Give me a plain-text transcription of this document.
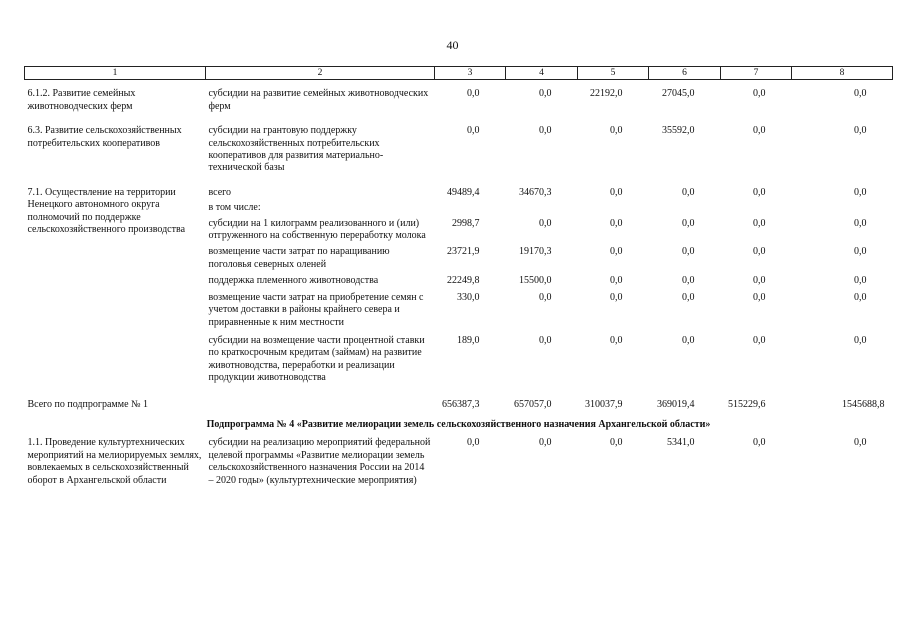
40
1	2	3	4	5	6	7	8

6.1.2. Развитие семейных животноводческих ферм	субсидии на развитие семейных животноводческих ферм	0,0	0,0	22192,0	27045,0	0,0	0,0

6.3. Развитие сельскохозяйственных потребительских кооперативов	субсидии на грантовую поддержку сельскохозяйственных потребительских кооперативов для развития материально-технической базы	0,0	0,0	0,0	35592,0	0,0	0,0

7.1. Осуществление на территории Ненецкого автономного округа полномочий по поддержке сельскохозяйственного производства	всего	49489,4	34670,3	0,0	0,0	0,0	0,0
	в том числе:						
	субсидии на 1 килограмм реализованного и (или) отгруженного на собственную переработку молока	2998,7	0,0	0,0	0,0	0,0	0,0
	возмещение части затрат по наращиванию поголовья северных оленей	23721,9	19170,3	0,0	0,0	0,0	0,0
	поддержка племенного животноводства	22249,8	15500,0	0,0	0,0	0,0	0,0
	возмещение части затрат на приобретение семян с учетом доставки в районы крайнего севера и приравненные к ним местности	330,0	0,0	0,0	0,0	0,0	0,0
	субсидии на возмещение части процентной ставки по краткосрочным кредитам (займам) на развитие животноводства, переработки и реализации продукции животноводства	189,0	0,0	0,0	0,0	0,0	0,0

Всего по подпрограмме № 1		656387,3	657057,0	310037,9	369019,4	515229,6	1545688,8
Подпрограмма № 4 «Развитие мелиорации земель сельскохозяйственного назначения Архангельской области»							
1.1. Проведение культуртехнических мероприятий на мелиорируемых землях, вовлекаемых в сельскохозяйственный оборот в Архангельской области	субсидии на реализацию мероприятий федеральной целевой программы «Развитие мелиорации земель сельскохозяйственного назначения России на 2014 – 2020 годы» (культуртехнические мероприятия)	0,0	0,0	0,0	5341,0	0,0	0,0
